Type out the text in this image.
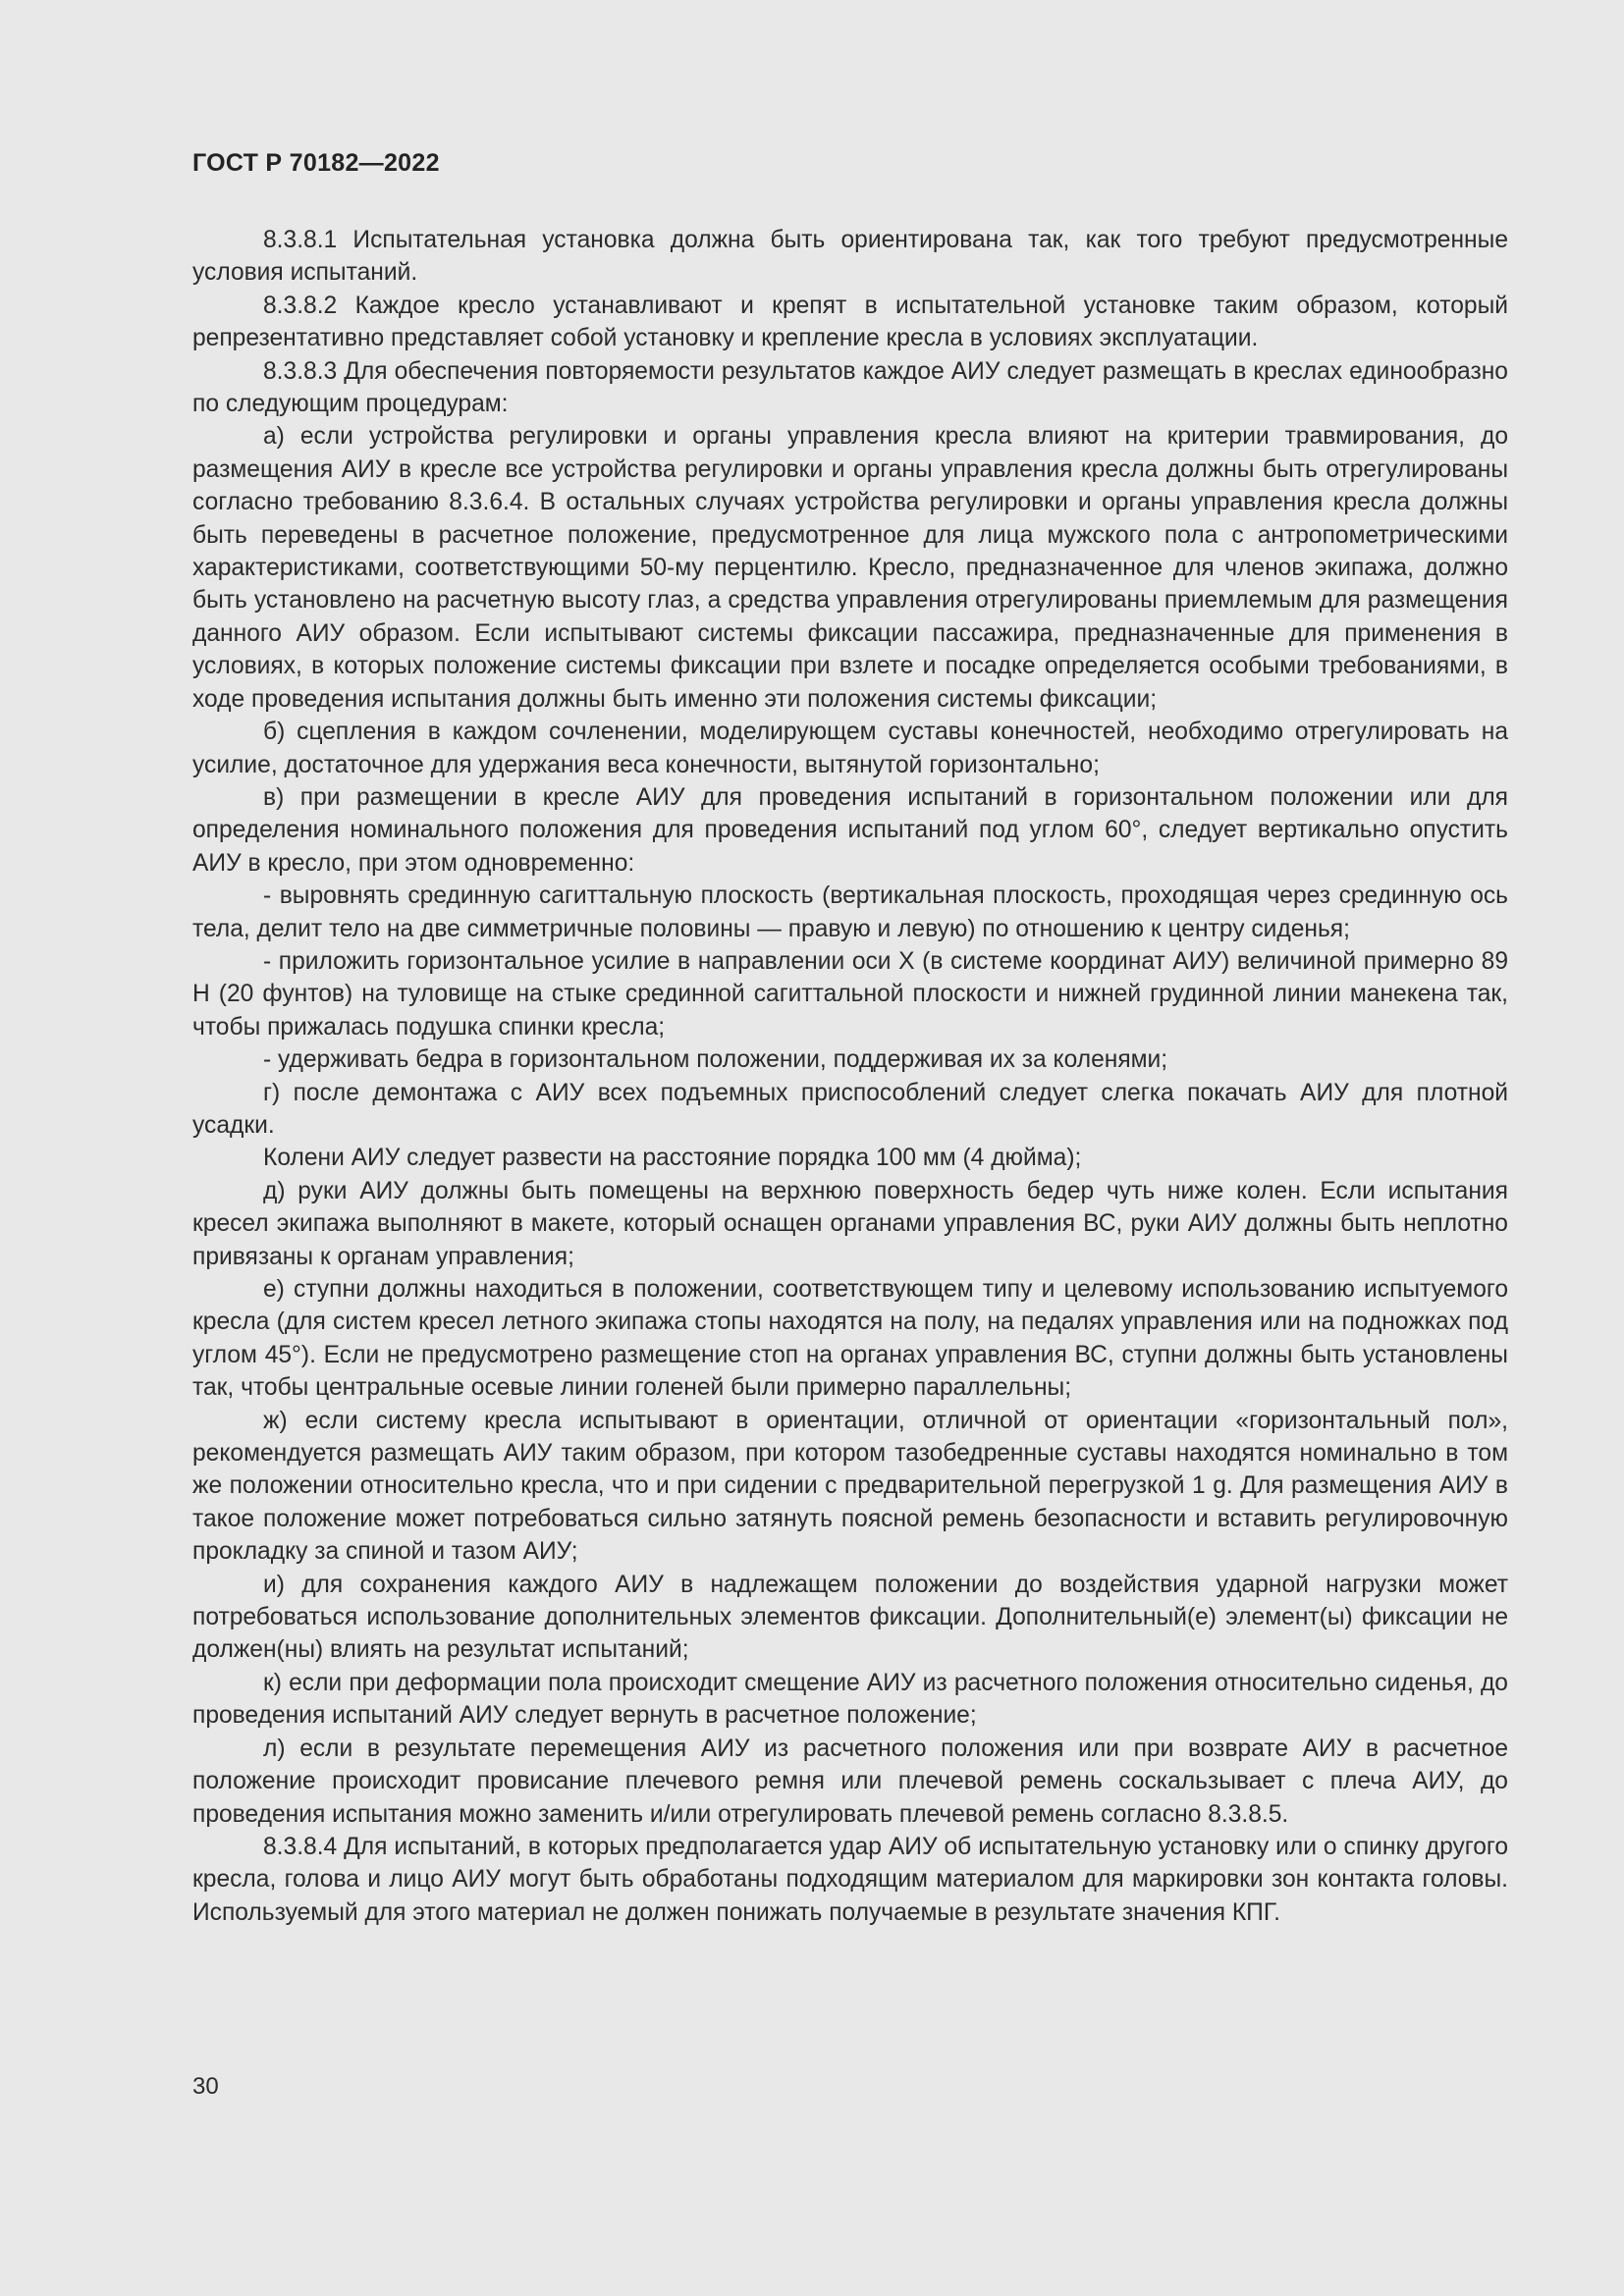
ГОСТ Р 70182—2022

8.3.8.1 Испытательная установка должна быть ориентирована так, как того требуют предусмотренные условия испытаний.

8.3.8.2 Каждое кресло устанавливают и крепят в испытательной установке таким образом, который репрезентативно представляет собой установку и крепление кресла в условиях эксплуатации.

8.3.8.3 Для обеспечения повторяемости результатов каждое АИУ следует размещать в креслах единообразно по следующим процедурам:

а) если устройства регулировки и органы управления кресла влияют на критерии травмирования, до размещения АИУ в кресле все устройства регулировки и органы управления кресла должны быть отрегулированы согласно требованию 8.3.6.4. В остальных случаях устройства регулировки и органы управления кресла должны быть переведены в расчетное положение, предусмотренное для лица мужского пола с антропометрическими характеристиками, соответствующими 50-му перцентилю. Кресло, предназначенное для членов экипажа, должно быть установлено на расчетную высоту глаз, а средства управления отрегулированы приемлемым для размещения данного АИУ образом. Если испытывают системы фиксации пассажира, предназначенные для применения в условиях, в которых положение системы фиксации при взлете и посадке определяется особыми требованиями, в ходе проведения испытания должны быть именно эти положения системы фиксации;

б) сцепления в каждом сочленении, моделирующем суставы конечностей, необходимо отрегулировать на усилие, достаточное для удержания веса конечности, вытянутой горизонтально;

в) при размещении в кресле АИУ для проведения испытаний в горизонтальном положении или для определения номинального положения для проведения испытаний под углом 60°, следует вертикально опустить АИУ в кресло, при этом одновременно:

- выровнять срединную сагиттальную плоскость (вертикальная плоскость, проходящая через срединную ось тела, делит тело на две симметричные половины — правую и левую) по отношению к центру сиденья;

- приложить горизонтальное усилие в направлении оси X (в системе координат АИУ) величиной примерно 89 Н (20 фунтов) на туловище на стыке срединной сагиттальной плоскости и нижней грудинной линии манекена так, чтобы прижалась подушка спинки кресла;

- удерживать бедра в горизонтальном положении, поддерживая их за коленями;

г) после демонтажа с АИУ всех подъемных приспособлений следует слегка покачать АИУ для плотной усадки.

Колени АИУ следует развести на расстояние порядка 100 мм (4 дюйма);

д) руки АИУ должны быть помещены на верхнюю поверхность бедер чуть ниже колен. Если испытания кресел экипажа выполняют в макете, который оснащен органами управления ВС, руки АИУ должны быть неплотно привязаны к органам управления;

е) ступни должны находиться в положении, соответствующем типу и целевому использованию испытуемого кресла (для систем кресел летного экипажа стопы находятся на полу, на педалях управления или на подножках под углом 45°). Если не предусмотрено размещение стоп на органах управления ВС, ступни должны быть установлены так, чтобы центральные осевые линии голеней были примерно параллельны;

ж) если систему кресла испытывают в ориентации, отличной от ориентации «горизонтальный пол», рекомендуется размещать АИУ таким образом, при котором тазобедренные суставы находятся номинально в том же положении относительно кресла, что и при сидении с предварительной перегрузкой 1 g. Для размещения АИУ в такое положение может потребоваться сильно затянуть поясной ремень безопасности и вставить регулировочную прокладку за спиной и тазом АИУ;

и) для сохранения каждого АИУ в надлежащем положении до воздействия ударной нагрузки может потребоваться использование дополнительных элементов фиксации. Дополнительный(е) элемент(ы) фиксации не должен(ны) влиять на результат испытаний;

к) если при деформации пола происходит смещение АИУ из расчетного положения относительно сиденья, до проведения испытаний АИУ следует вернуть в расчетное положение;

л) если в результате перемещения АИУ из расчетного положения или при возврате АИУ в расчетное положение происходит провисание плечевого ремня или плечевой ремень соскальзывает с плеча АИУ, до проведения испытания можно заменить и/или отрегулировать плечевой ремень согласно 8.3.8.5.

8.3.8.4 Для испытаний, в которых предполагается удар АИУ об испытательную установку или о спинку другого кресла, голова и лицо АИУ могут быть обработаны подходящим материалом для маркировки зон контакта головы. Используемый для этого материал не должен понижать получаемые в результате значения КПГ.

30
